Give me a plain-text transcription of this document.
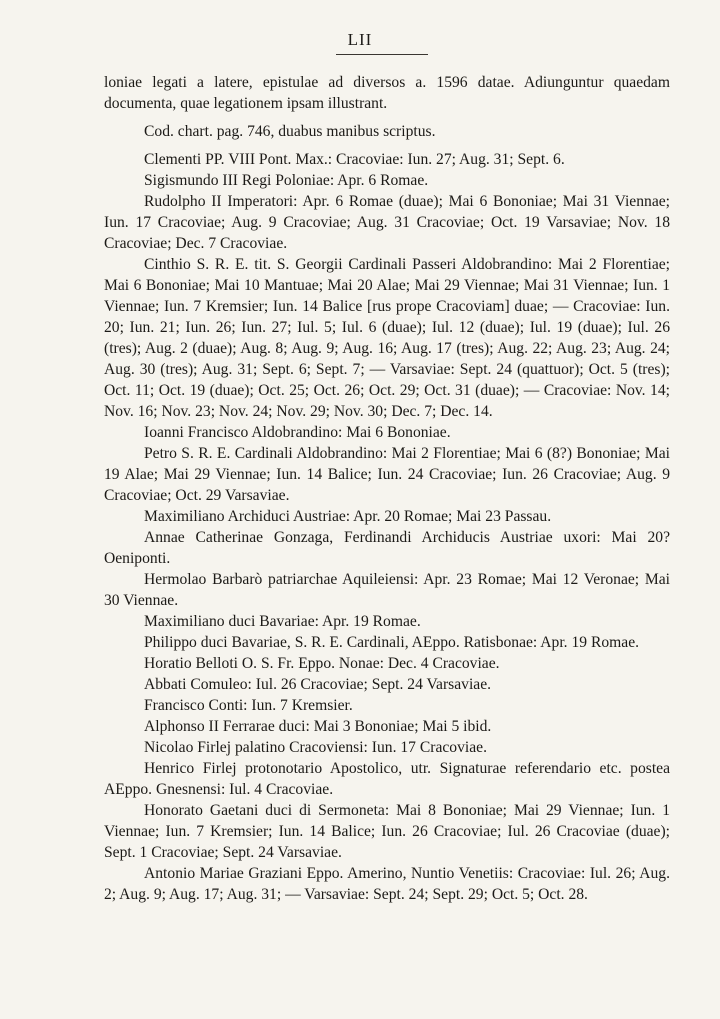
LII

loniae legati a latere, epistulae ad diversos a. 1596 datae. Adiunguntur quaedam documenta, quae legationem ipsam illustrant.

Cod. chart. pag. 746, duabus manibus scriptus.

Clementi PP. VIII Pont. Max.: Cracoviae: Iun. 27; Aug. 31; Sept. 6.

Sigismundo III Regi Poloniae: Apr. 6 Romae.

Rudolpho II Imperatori: Apr. 6 Romae (duae); Mai 6 Bononiae; Mai 31 Viennae; Iun. 17 Cracoviae; Aug. 9 Cracoviae; Aug. 31 Cracoviae; Oct. 19 Varsaviae; Nov. 18 Cracoviae; Dec. 7 Cracoviae.

Cinthio S. R. E. tit. S. Georgii Cardinali Passeri Aldobrandino: Mai 2 Florentiae; Mai 6 Bononiae; Mai 10 Mantuae; Mai 20 Alae; Mai 29 Viennae; Mai 31 Viennae; Iun. 1 Viennae; Iun. 7 Kremsier; Iun. 14 Balice [rus prope Cracoviam] duae; — Cracoviae: Iun. 20; Iun. 21; Iun. 26; Iun. 27; Iul. 5; Iul. 6 (duae); Iul. 12 (duae); Iul. 19 (duae); Iul. 26 (tres); Aug. 2 (duae); Aug. 8; Aug. 9; Aug. 16; Aug. 17 (tres); Aug. 22; Aug. 23; Aug. 24; Aug. 30 (tres); Aug. 31; Sept. 6; Sept. 7; — Varsaviae: Sept. 24 (quattuor); Oct. 5 (tres); Oct. 11; Oct. 19 (duae); Oct. 25; Oct. 26; Oct. 29; Oct. 31 (duae); — Cracoviae: Nov. 14; Nov. 16; Nov. 23; Nov. 24; Nov. 29; Nov. 30; Dec. 7; Dec. 14.

Ioanni Francisco Aldobrandino: Mai 6 Bononiae.

Petro S. R. E. Cardinali Aldobrandino: Mai 2 Florentiae; Mai 6 (8?) Bononiae; Mai 19 Alae; Mai 29 Viennae; Iun. 14 Balice; Iun. 24 Cracoviae; Iun. 26 Cracoviae; Aug. 9 Cracoviae; Oct. 29 Varsaviae.

Maximiliano Archiduci Austriae: Apr. 20 Romae; Mai 23 Passau.

Annae Catherinae Gonzaga, Ferdinandi Archiducis Austriae uxori: Mai 20? Oeniponti.

Hermolao Barbarò patriarchae Aquileiensi: Apr. 23 Romae; Mai 12 Veronae; Mai 30 Viennae.

Maximiliano duci Bavariae: Apr. 19 Romae.

Philippo duci Bavariae, S. R. E. Cardinali, AEppo. Ratisbonae: Apr. 19 Romae.

Horatio Belloti O. S. Fr. Eppo. Nonae: Dec. 4 Cracoviae.

Abbati Comuleo: Iul. 26 Cracoviae; Sept. 24 Varsaviae.

Francisco Conti: Iun. 7 Kremsier.

Alphonso II Ferrarae duci: Mai 3 Bononiae; Mai 5 ibid.

Nicolao Firlej palatino Cracoviensi: Iun. 17 Cracoviae.

Henrico Firlej protonotario Apostolico, utr. Signaturae referendario etc. postea AEppo. Gnesnensi: Iul. 4 Cracoviae.

Honorato Gaetani duci di Sermoneta: Mai 8 Bononiae; Mai 29 Viennae; Iun. 1 Viennae; Iun. 7 Kremsier; Iun. 14 Balice; Iun. 26 Cracoviae; Iul. 26 Cracoviae (duae); Sept. 1 Cracoviae; Sept. 24 Varsaviae.

Antonio Mariae Graziani Eppo. Amerino, Nuntio Venetiis: Cracoviae: Iul. 26; Aug. 2; Aug. 9; Aug. 17; Aug. 31; — Varsaviae: Sept. 24; Sept. 29; Oct. 5; Oct. 28.
